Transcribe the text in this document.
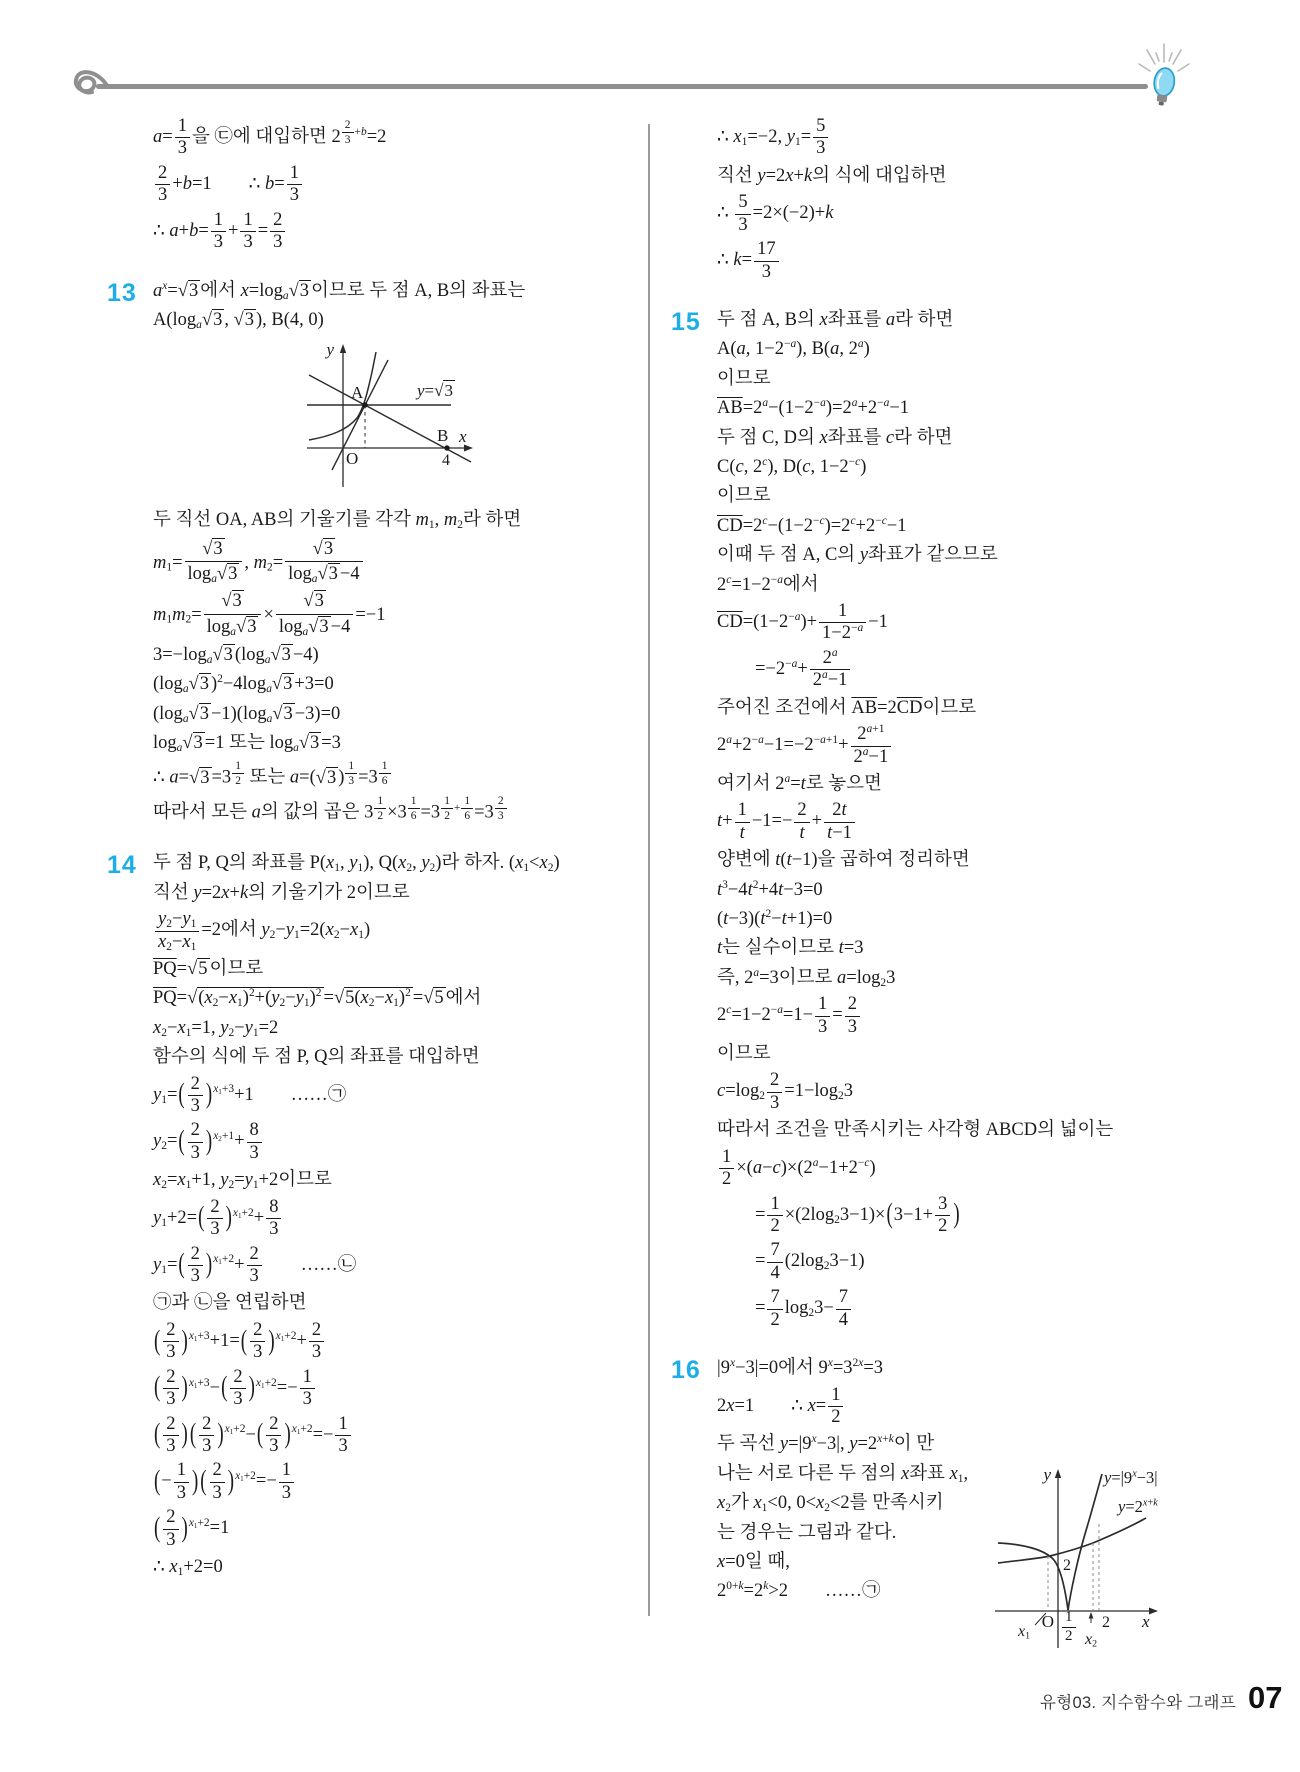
$a= \frac{1}{3}$ 을 ㉢에 대입하면 2 $^{\frac{2}{3} +b}$=2
$\frac{2}{3} +b=1$  ∴ $b= \frac{1}{3}$
∴ $a+b= \frac{1}{3} + \frac{1}{3} = \frac{2}{3}$
13 $a^x=$ √ 3 에서 $x=\log_a$ √ 3 이므로 두 점 A, B의 좌표는
$A(\log_a$ √ 3 , √ 3 ), B(4, 0)
y
x
A
B
O	4
y= √ 3
두 직선 OA, AB의 기울기를 각각 $m_1$, $m_2$라 하면
$m_1=$ √ $\frac{3}{\log_a √ 3}$ , $m_2=$ √ $\frac{3}{\log_a √ 3 -4}$
$m_1m_2=$ √ $\frac{3}{\log_a √ 3}$ × √ $\frac{3}{\log_a √ 3 -4} =-1$
$3=-\log_a$ √ 3 ($\log_a$ √ 3 −4)
($\log_a$ √ 3 )$^2-4\log_a$ √ 3 +3=0
($\log_a$ √ $3 -1)(\log_a$ √ 3 −3)=0
$\log_a$ √ 3 =1 또는 $\log_a$ √ 3 =3
∴ a= √ 3 =3 $^{\frac{1}{2}}$ 또는 a=( √ 3 ) $^{\frac{1}{3}}$ =3 $^{\frac{1}{6}}$
따라서 모든 a의 값의 곱은 3 $^{\frac{1}{2}}$ ×3 $^{\frac{1}{6}}$ =3 $^{\frac{1}{2} + \frac{1}{6}}$ =3 $^{\frac{2}{3}}$
14 두 점 P, Q의 좌표를 $P(x_1$, $y_1$), $Q(x_2$, $y_2$)라 하자. $(x_1<x_2)$
직선 y=2x+k의 기울기가 2이므로
$\frac{y_2-y_1}{x_2-x_1} =2$에서 $y_2-y_1=2(x_2-x_1)$
$\overline{PQ}=$ √ 5 이므로
$\overline{PQ}=$ √ $(x_2-x_1)^2+(y_2-y_1)^2$ = √ $5(x_2-x_1)^2$ = √ 5 에서
$x_2-x_1=1$, $y_2-y_1=2$
함수의 식에 두 점 P, Q의 좌표를 대입하면
$y_1=( \frac{2}{3} )^{x_1+3}+1$  ……㉠
$y_2=( \frac{2}{3} )^{x_2+1}+ \frac{8}{3}$
$x_2=x_1+1$, $y_2=y_1+2$이므로
$y_1+2=( \frac{2}{3} )^{x_1+2}+ \frac{8}{3}$
$y_1=( \frac{2}{3} )^{x_1+2}+ \frac{2}{3}$   ……㉡
㉠과 ㉡을 연립하면
( $\frac{2}{3} )^{x_1+3}+1=( \frac{2}{3} )^{x_1+2}+ \frac{2}{3}$
( $\frac{2}{3} )^{x_1+3}-( \frac{2}{3} )^{x_1+2}=- \frac{1}{3}$
( $\frac{2}{3}$ ) ( $\frac{2}{3} )^{x_1+2}-( \frac{2}{3} )^{x_1+2}=- \frac{1}{3}$
(− $\frac{1}{3}$ ) ( $\frac{2}{3} )^{x_1+2}=- \frac{1}{3}$
( $\frac{2}{3} )^{x_1+2}=1$
∴ $x_1+2=0$
∴ $x_1=-2$, $y_1= \frac{5}{3}$
직선 y=2x+k의 식에 대입하면
∴ $\frac{5}{3} =2\times(-2)+k$
∴ $k= \frac{17}{3}$
15 두 점 A, B의 x좌표를 a라 하면
A(a, $1-2^{-a}$), B(a, 2$^a$)
이므로
$\overline{AB}=2^a-(1-2^{-a})=2^a+2^{-a}-1$
두 점 C, D의 x좌표를 c라 하면
C(c, 2$^c$), D(c, $1-2^{-c}$)
이므로
$\overline{CD}=2^c-(1-2^{-c})=2^c+2^{-c}-1$
이때 두 점 A, C의 y좌표가 같으므로
$2^c=1-2^{-a}$에서
$\overline{CD}=(1-2^{-a})+ \frac{1}{1-2^{-a}} -1$
$=-2^{-a}+ \frac{2^a}{2^a-1}$
주어진 조건에서 $\overline{AB}=2\overline{CD}$이므로
$2^a+2^{-a}-1=-2^{-a+1}+ \frac{2^{a+1}}{2^a-1}$
여기서 $2^a=t$로 놓으면
$t+ \frac{1}{t} -1=- \frac{2}{t} + \frac{2t}{t-1}$
양변에 t(t−1)을 곱하여 정리하면
$t^3-4t^2+4t-3=0$
$(t-3)(t^2-t+1)=0$
t는 실수이므로 t=3
즉, $2^a=3$이므로 $a=\log_23$
$2^c=1-2^{-a}=1- \frac{1}{3} = \frac{2}{3}$
이므로
$c=\log_2 \frac{2}{3} =1-\log_23$
따라서 조건을 만족시키는 사각형 ABCD의 넓이는
$\frac{1}{2} \times(a-c)\times(2^a-1+2^{-c})$
= $\frac{1}{2} \times(2\log_23-1)\times(3-1+ \frac{3}{2}$ )
= $\frac{7}{4} (2\log_23-1)$
= $\frac{7}{2} \log_23- \frac{7}{4}$
16 $|9^x-3|=0$에서 $9^x=3^{2x}=3$
2x=1  ∴ $x= \frac{1}{2}$
두 곡선 $y=|9^x-3|$, $y=2^{x+k}$이 만
나는 서로 다른 두 점의 x좌표 $x_1$,
$x_2$가 $x_1<0$, $0<x_2<2$를 만족시키
는 경우는 그림과 같다.
x=0일 때,
$2^{0+k}=2^k>2$  ……㉠
y
x
O
2
2
$y=|9^x-3|$
$y=2^{x+k}$
$x_1$	$x_2$
$\frac{1}{2}$
유형03. 지수함수와 그래프 07
